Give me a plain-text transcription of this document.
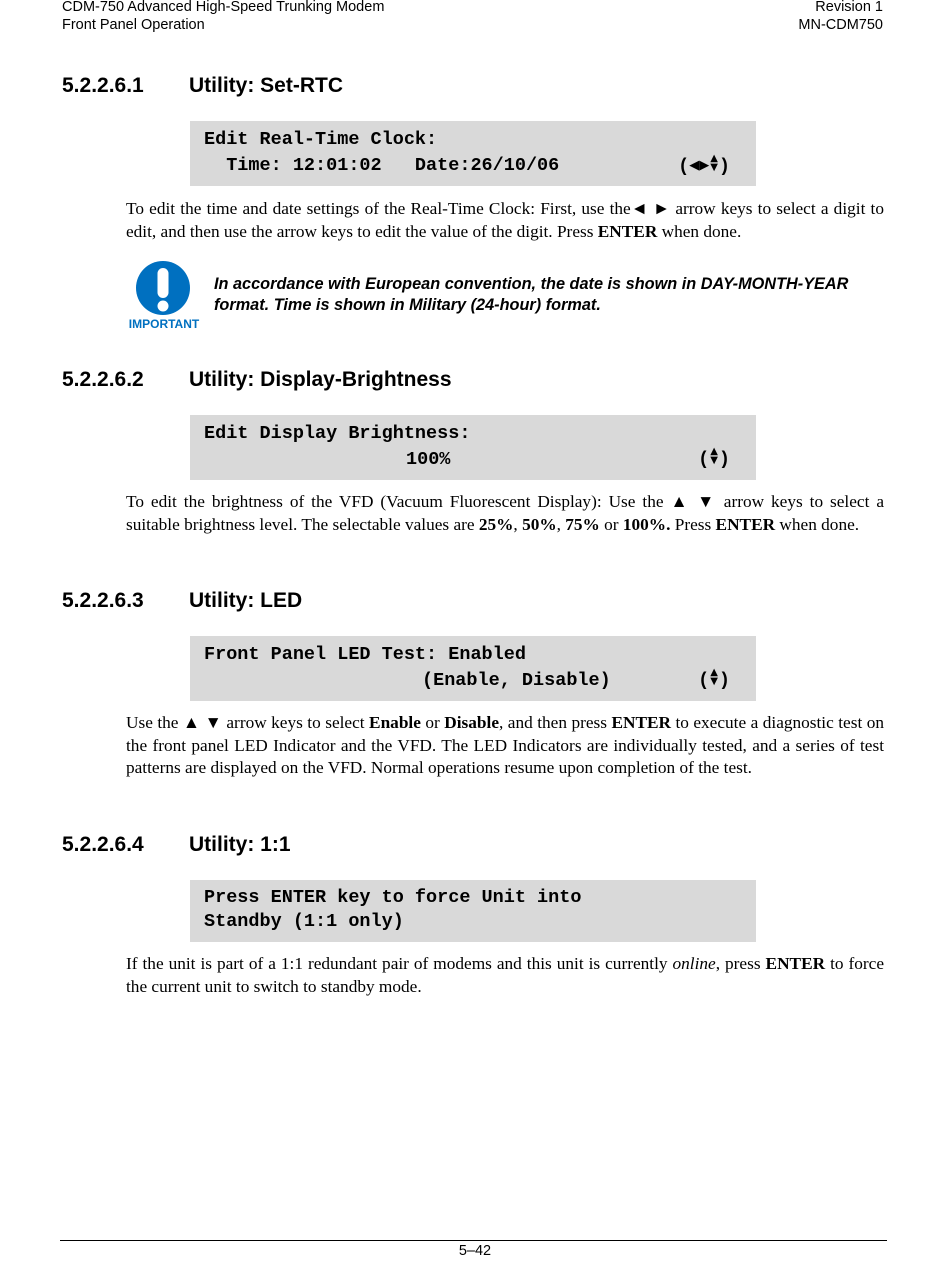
CDM-750 Advanced High-Speed Trunking Modem
Front Panel Operation
Revision 1
MN-CDM750
5.2.2.6.1 Utility: Set-RTC
Edit Real-Time Clock:
Time: 12:01:02   Date:26/10/06	(◀▶ ▲
▼ )
To edit the time and date settings of the Real-Time Clock: First, use the◄ ► arrow keys to select a digit to edit, and then use the arrow keys to edit the value of the digit. Press ENTER when done.
IMPORTANT
In accordance with European convention, the date is shown in DAY-MONTH-YEAR format. Time is shown in Military (24-hour) format.
5.2.2.6.2 Utility: Display-Brightness
Edit Display Brightness:
100%	( ▲
▼ )
To edit the brightness of the VFD (Vacuum Fluorescent Display): Use the ▲ ▼ arrow keys to select a suitable brightness level. The selectable values are 25%, 50%, 75% or 100%. Press ENTER when done.
5.2.2.6.3 Utility: LED
Front Panel LED Test: Enabled
(Enable, Disable)	( ▲
▼ )
Use the ▲ ▼ arrow keys to select Enable or Disable, and then press ENTER to execute a diagnostic test on the front panel LED Indicator and the VFD. The LED Indicators are individually tested, and a series of test patterns are displayed on the VFD. Normal operations resume upon completion of the test.
5.2.2.6.4 Utility: 1:1
Press ENTER key to force Unit into
Standby (1:1 only)
If the unit is part of a 1:1 redundant pair of modems and this unit is currently online, press ENTER to force the current unit to switch to standby mode.
5–42
